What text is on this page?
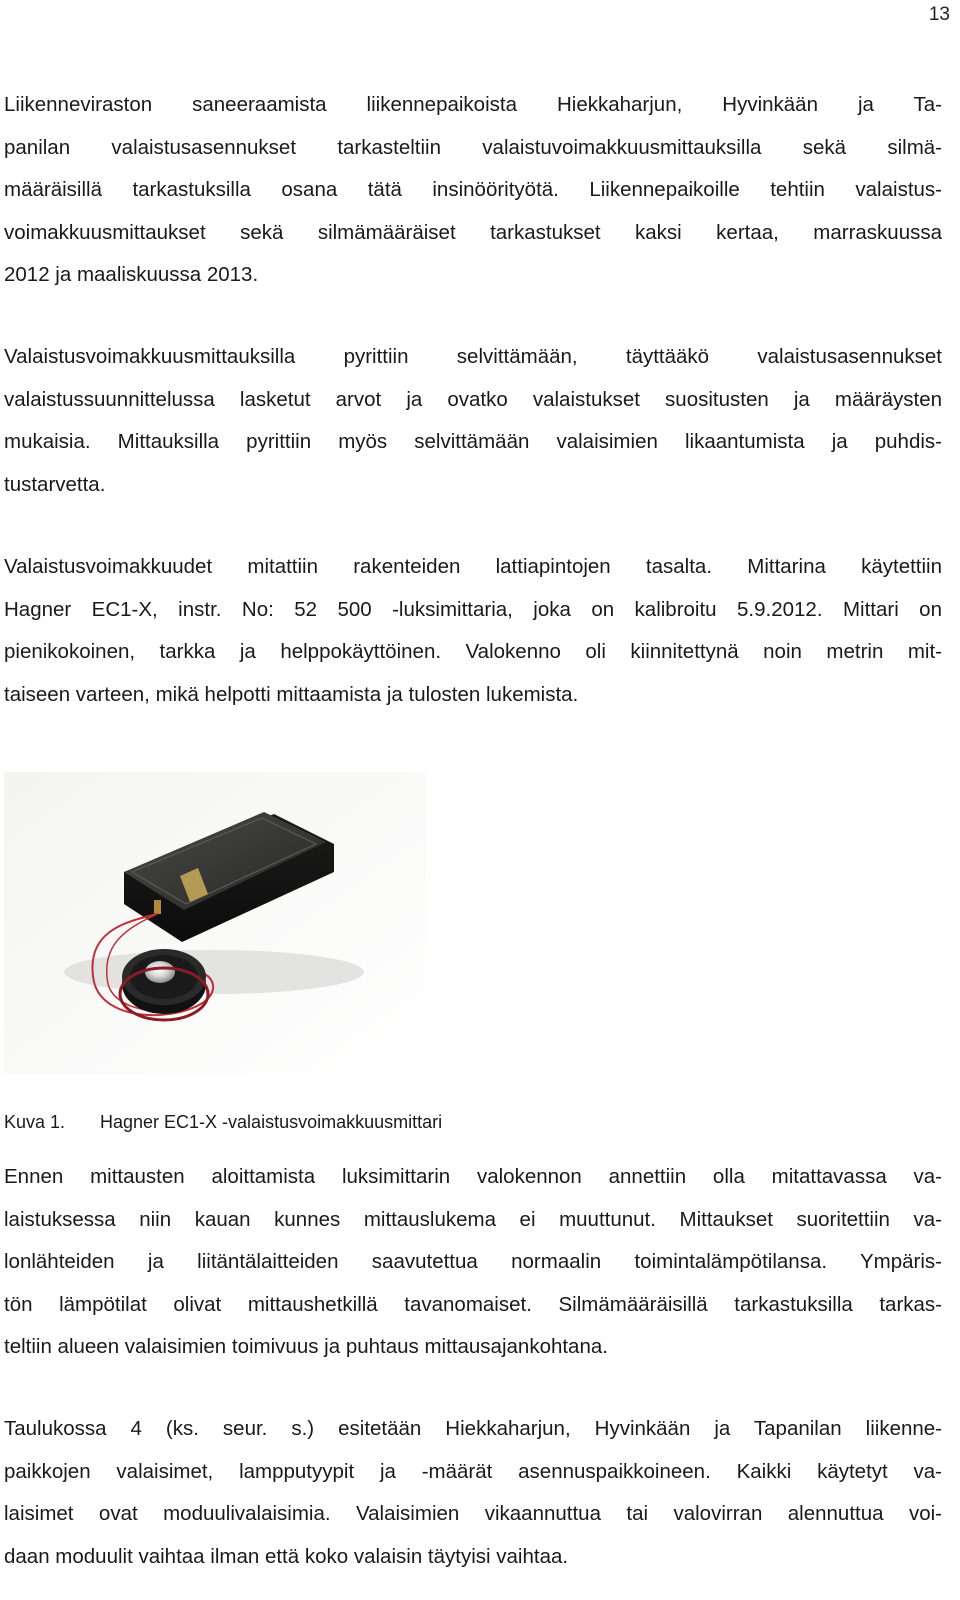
13
Liikenneviraston saneeraamista liikennepaikoista Hiekkaharjun, Hyvinkään ja Ta-
panilan valaistusasennukset tarkasteltiin valaistuvoimakkuusmittauksilla sekä silmä-
määräisillä tarkastuksilla osana tätä insinöörityötä. Liikennepaikoille tehtiin valaistus-
voimakkuusmittaukset sekä silmämääräiset tarkastukset kaksi kertaa, marraskuussa
2012 ja maaliskuussa 2013.
Valaistusvoimakkuusmittauksilla pyrittiin selvittämään, täyttääkö valaistusasennukset
valaistussuunnittelussa lasketut arvot ja ovatko valaistukset suositusten ja määräysten
mukaisia. Mittauksilla pyrittiin myös selvittämään valaisimien likaantumista ja puhdis-
tustarvetta.
Valaistusvoimakkuudet mitattiin rakenteiden lattiapintojen tasalta. Mittarina käytettiin
Hagner EC1-X, instr. No: 52 500 -luksimittaria, joka on kalibroitu 5.9.2012. Mittari on
pienikokoinen, tarkka ja helppokäyttöinen. Valokenno oli kiinnitettynä noin metrin mit-
taiseen varteen, mikä helpotti mittaamista ja tulosten lukemista.
Kuva 1. Hagner EC1-X -valaistusvoimakkuusmittari
Ennen mittausten aloittamista luksimittarin valokennon annettiin olla mitattavassa va-
laistuksessa niin kauan kunnes mittauslukema ei muuttunut. Mittaukset suoritettiin va-
lonlähteiden ja liitäntälaitteiden saavutettua normaalin toimintalämpötilansa. Ympäris-
tön lämpötilat olivat mittaushetkillä tavanomaiset. Silmämääräisillä tarkastuksilla tarkas-
teltiin alueen valaisimien toimivuus ja puhtaus mittausajankohtana.
Taulukossa 4 (ks. seur. s.) esitetään Hiekkaharjun, Hyvinkään ja Tapanilan liikenne-
paikkojen valaisimet, lampputyypit ja -määrät asennuspaikkoineen. Kaikki käytetyt va-
laisimet ovat moduulivalaisimia. Valaisimien vikaannuttua tai valovirran alennuttua voi-
daan moduulit vaihtaa ilman että koko valaisin täytyisi vaihtaa.
